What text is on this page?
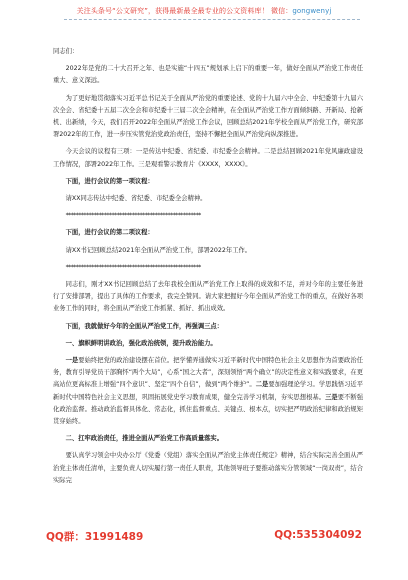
关注头条号“公文研究”，获得最新最全最专业的公文资料库！ 微信：gongwenyj

同志们：

2022年是党的二十大召开之年、也是实施“十四五”规划承上启下的重要一年，做好全面从严治党工作责任重大、意义深远。

为了更好地贯彻落实习近平总书记关于全面从严治党的重要论述、党的十九届六中全会、中纪委第十九届六次全会、省纪委十五届二次全会和市纪委十三届二次全会精神，在全面从严治党工作方面倾斜路、开新局、抢新机、出新绩，今天，我们召开2022年全面从严治党工作会议，回顾总结2021年学校全面从严治党工作，研究部署2022年的工作，进一步压实管党治党政治责任，坚持不懈把全面从严治党向纵深推进。

今天会议的议程有三项：一是传达中纪委、省纪委、市纪委全会精神。二是总结回顾2021年党风廉政建设工作情况，部署2022年工作。三是观看警示教育片《XXXX，XXXX》。

下面，进行会议的第一项议程：

请XX同志传达中纪委、省纪委、市纪委全会精神。

*****************************************************

下面，进行会议的第二项议程：

请XX书记回顾总结2021年全面从严治党工作，部署2022年工作。

*****************************************************

同志们，刚才XX书记回顾总结了去年我校全面从严治党工作上取得的成效和不足，并对今年的主要任务进行了安排部署，提出了具体的工作要求，我完全赞同。请大家把握好今年全面从严治党工作的重点，在做好各项业务工作的同时，将全面从严治党工作抓紧、抓好、抓出成效。

下面，我就做好今年的全面从严治党工作，再强调三点：

一、旗帜鲜明讲政治，强化政治统领，提升政治能力。

一是要始终把党的政治建设摆在首位。把学懂弄通做实习近平新时代中国特色社会主义思想作为首要政治任务，教育引导党员干部胸怀“两个大局”，心系“国之大者”，深刻领悟“两个确立”的决定性意义和实践要求，在更高站位更高标准上增强“四个意识”、坚定“四个自信”，做到“两个维护”。二是要加强理论学习。学思践悟习近平新时代中国特色社会主义思想，巩固拓展党史学习教育成果，健全完善学习机制，夯实思想根基。三是要不断强化政治监督。推动政治监督具体化、常态化，抓住监督重点、关键点、根本点，切实把严明政治纪律和政治规矩贯穿始终。

二、扛牢政治责任，推进全面从严治党工作高质量落实。

要认真学习领会中央办公厅《党委（党组）落实全面从严治党主体责任规定》精神，结合实际完善全面从严治党主体责任清单，主要负责人切实履行第一责任人职责，其他领导班子要推动落实分管领域“一岗双责”，结合实际完

QQ群：31991489	QQ:535304092
